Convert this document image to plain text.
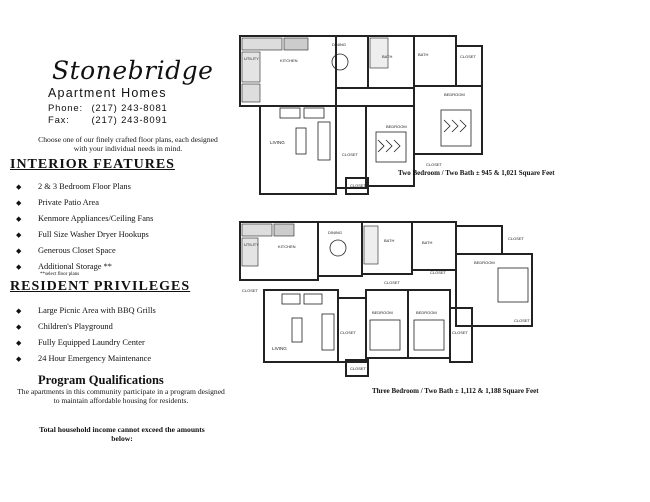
Stonebridge
Apartment Homes
Phone: (217) 243-8081
Fax: (217) 243-8091
Choose one of our finely crafted floor plans, each designed with your individual needs in mind.
INTERIOR FEATURES
◆ 2 & 3 Bedroom Floor Plans
◆ Private Patio Area
◆ Kenmore Appliances/Ceiling Fans
◆ Full Size Washer Dryer Hookups
◆ Generous Closet Space
◆ Additional Storage **
**select floor plans
RESIDENT PRIVILEGES
◆ Large Picnic Area with BBQ Grills
◆ Children's Playground
◆ Fully Equipped Laundry Center
◆ 24 Hour Emergency Maintenance
Program Qualifications
The apartments in this community participate in a program designed to maintain affordable housing for residents.
Total household income cannot exceed the amounts below:
DINING
BATH	CLOSET
UTILITY	KITCHEN
BEDROOM
LIVING
BEDROOM
CLOSET
CLOSET
BATH
CLOSET
Two Bedroom / Two Bath ± 945 & 1,021 Square Feet
DINING
BATH	CLOSET
UTILITY	KITCHEN
CLOSET
BEDROOM
CLOSET
LIVING
BEDROOM	BEDROOM
CLOSET
CLOSET
CLOSET
BATH
CLOSET
CLOSET
Three Bedroom / Two Bath ± 1,112 & 1,188 Square Feet
